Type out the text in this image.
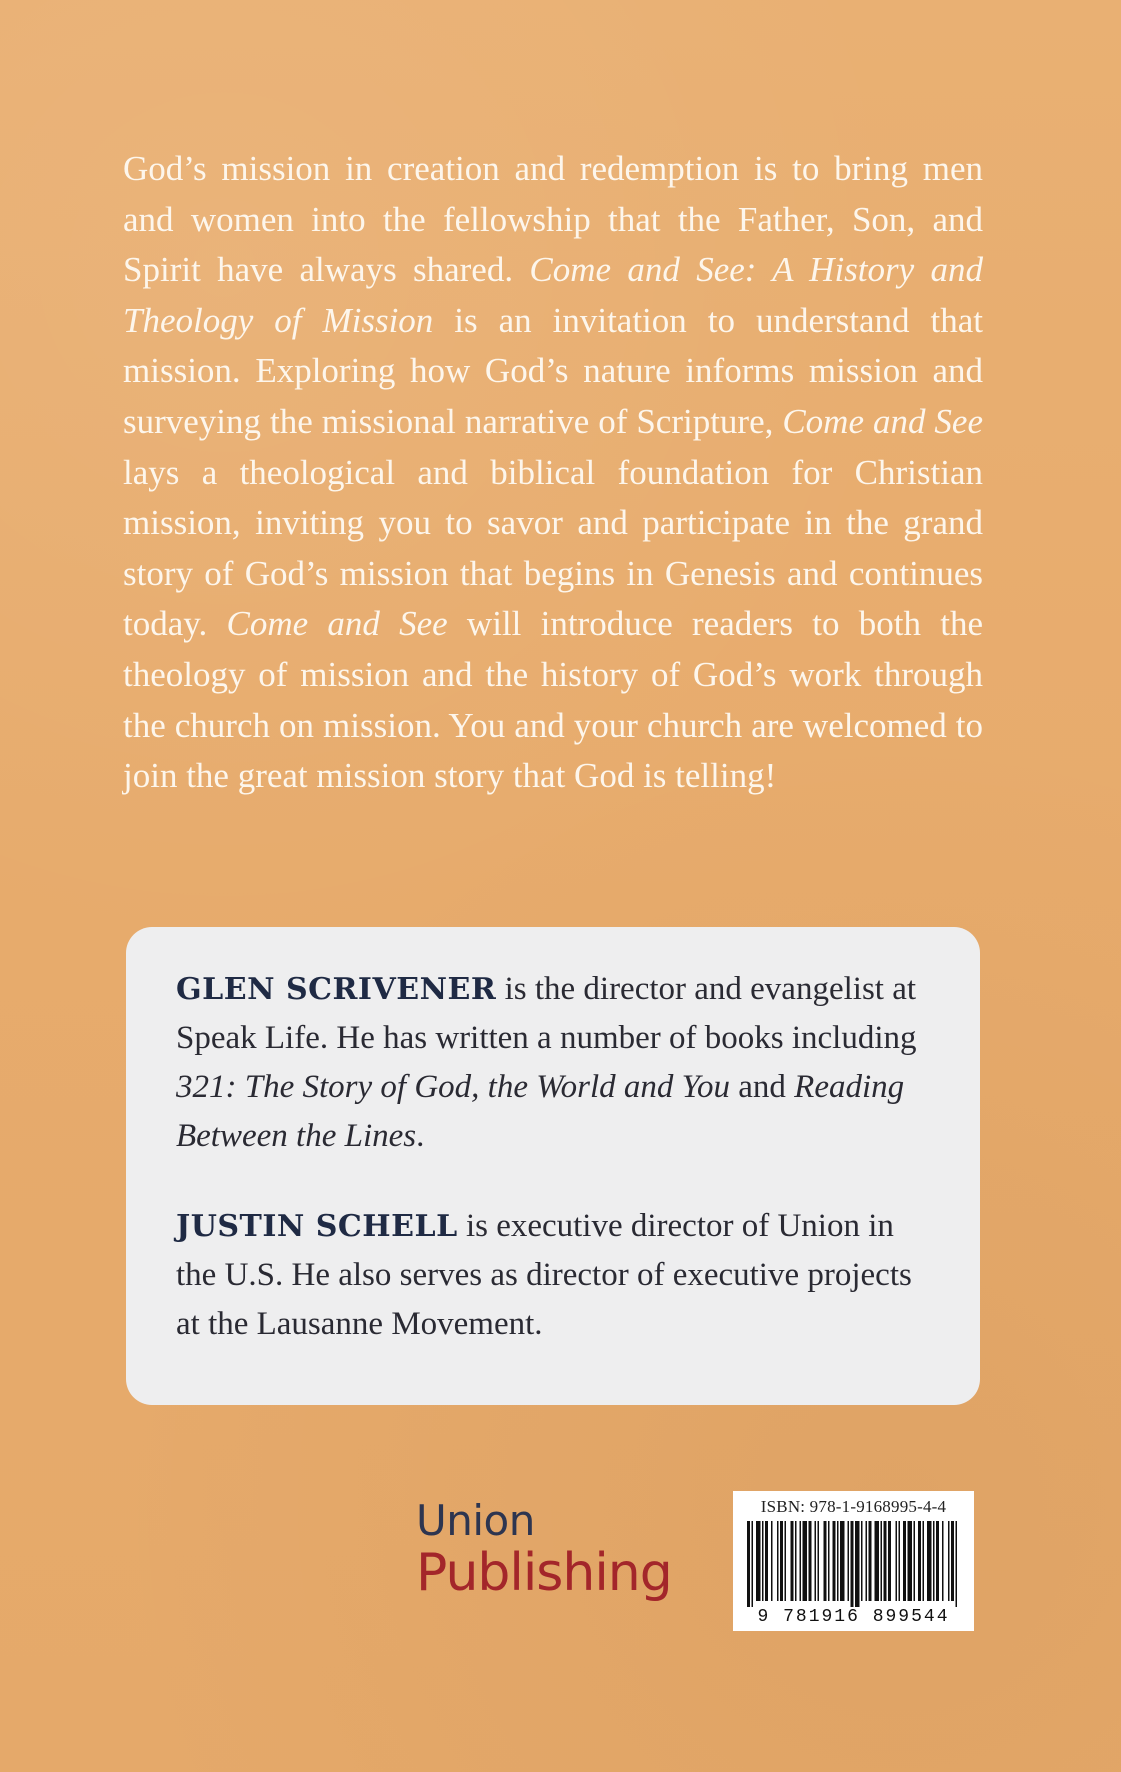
God’s mission in creation and redemption is to bring men and women into the fellowship that the Father, Son, and Spirit have always shared. Come and See: A History and Theology of Mission is an invitation to understand that mission. Exploring how God’s nature informs mission and surveying the missional narrative of Scripture, Come and See lays a theological and biblical foundation for Christian mission, inviting you to savor and participate in the grand story of God’s mission that begins in Genesis and continues today. Come and See will introduce readers to both the theology of mission and the history of God’s work through the church on mission. You and your church are welcomed to join the great mission story that God is telling!

GLEN SCRIVENER is the director and evangelist at Speak Life. He has written a number of books including 321: The Story of God, the World and You and Reading Between the Lines.

JUSTIN SCHELL is executive director of Union in the U.S. He also serves as director of executive projects at the Lausanne Movement.

Union
Publishing
ISBN: 978-1-9168995-4-4
9 781916 899544
